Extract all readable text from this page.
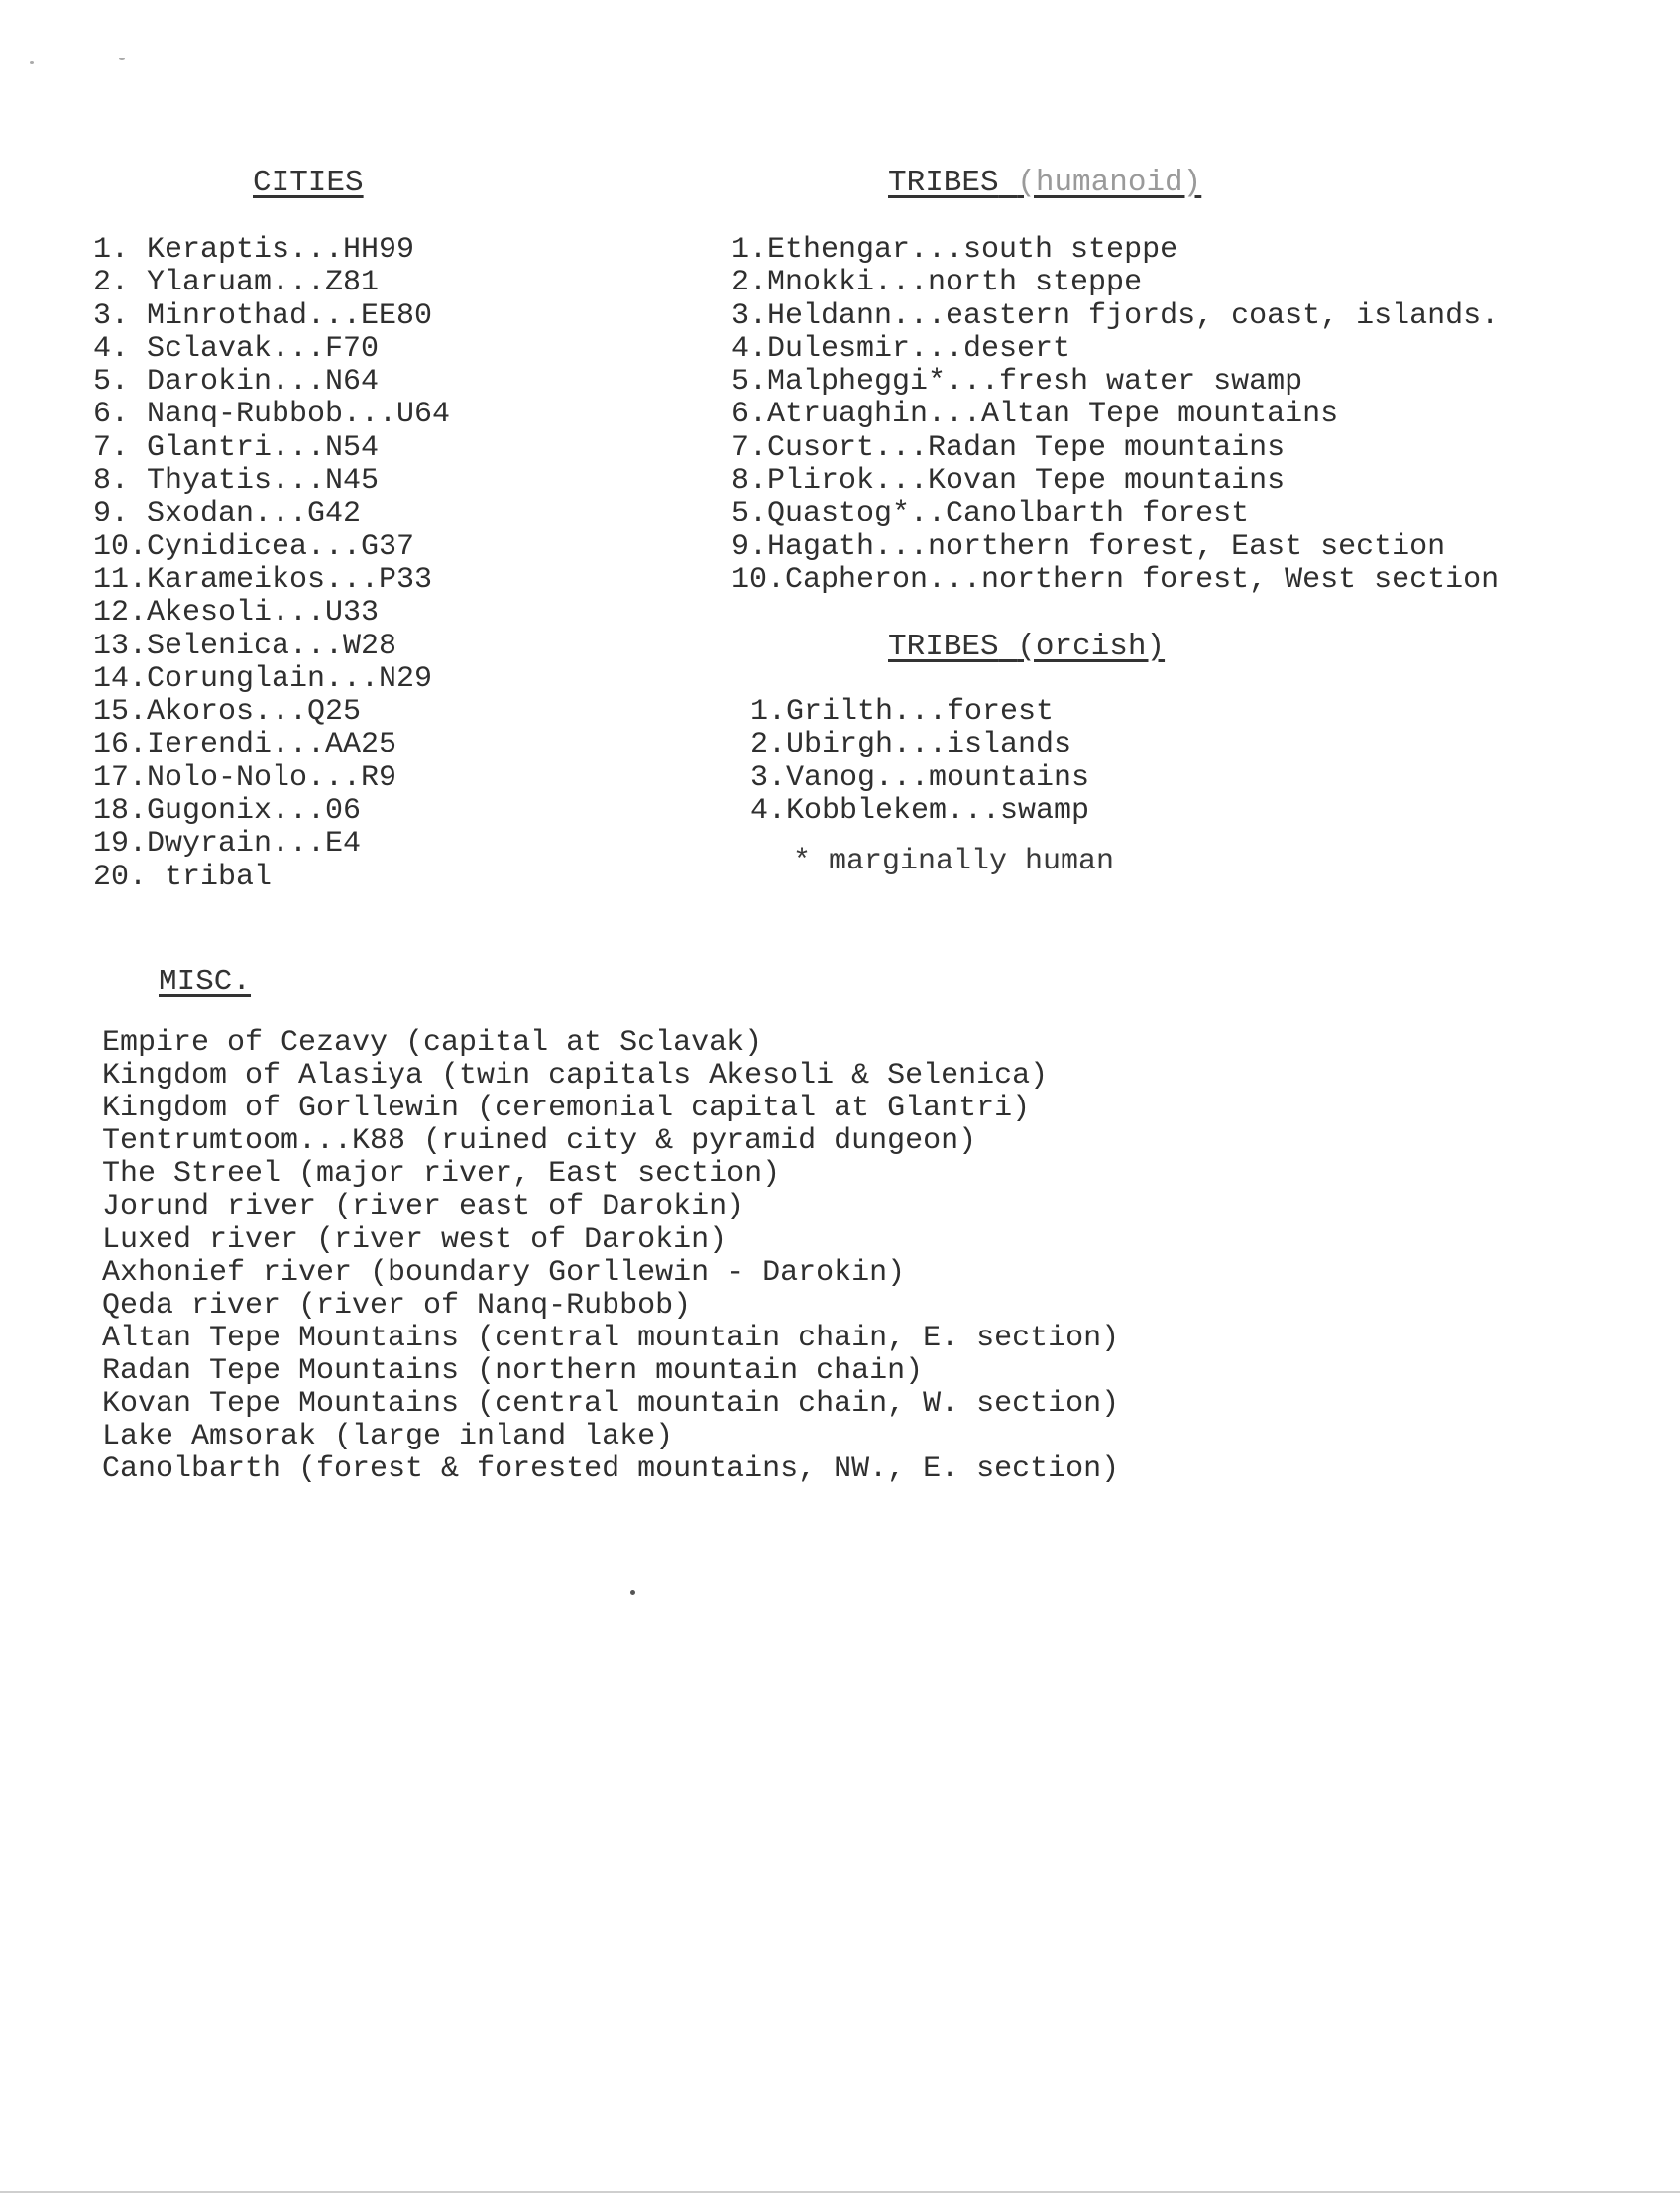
CITIES
1. Keraptis...HH99
2. Ylaruam...Z81
3. Minrothad...EE80
4. Sclavak...F70
5. Darokin...N64
6. Nanq-Rubbob...U64
7. Glantri...N54
8. Thyatis...N45
9. Sxodan...G42
10.Cynidicea...G37
11.Karameikos...P33
12.Akesoli...U33
13.Selenica...W28
14.Corunglain...N29
15.Akoros...Q25
16.Ierendi...AA25
17.Nolo-Nolo...R9
18.Gugonix...06
19.Dwyrain...E4
20. tribal
TRIBES (humanoid)
1.Ethengar...south steppe
2.Mnokki...north steppe
3.Heldann...eastern fjords, coast, islands.
4.Dulesmir...desert
5.Malpheggi*...fresh water swamp
6.Atruaghin...Altan Tepe mountains
7.Cusort...Radan Tepe mountains
8.Plirok...Kovan Tepe mountains
5.Quastog*..Canolbarth forest
9.Hagath...northern forest, East section
10.Capheron...northern forest, West section
TRIBES (orcish)
1.Grilth...forest
2.Ubirgh...islands
3.Vanog...mountains
4.Kobblekem...swamp
* marginally human
MISC.
Empire of Cezavy (capital at Sclavak)
Kingdom of Alasiya (twin capitals Akesoli & Selenica)
Kingdom of Gorllewin (ceremonial capital at Glantri)
Tentrumtoom...K88 (ruined city & pyramid dungeon)
The Streel (major river, East section)
Jorund river (river east of Darokin)
Luxed river (river west of Darokin)
Axhonief river (boundary Gorllewin - Darokin)
Qeda river (river of Nanq-Rubbob)
Altan Tepe Mountains (central mountain chain, E. section)
Radan Tepe Mountains (northern mountain chain)
Kovan Tepe Mountains (central mountain chain, W. section)
Lake Amsorak (large inland lake)
Canolbarth (forest & forested mountains, NW., E. section)
